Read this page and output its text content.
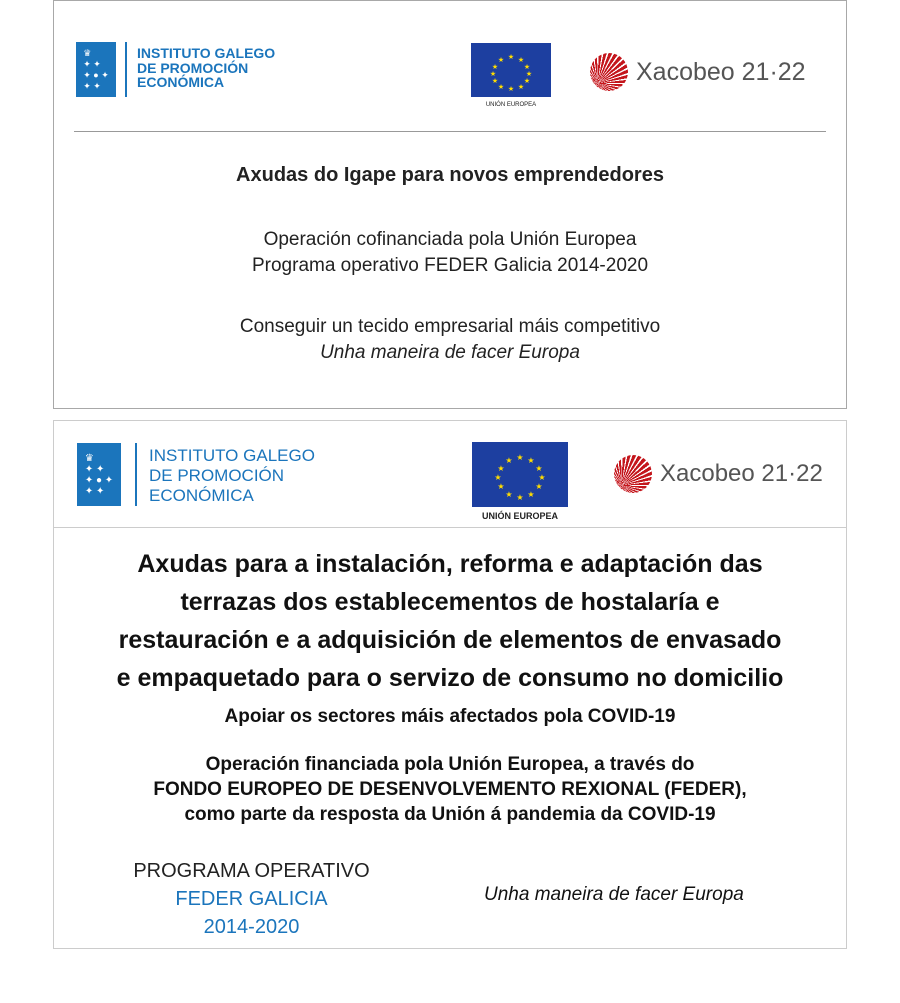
♛
✦ ✦
✦ ● ✦
✦ ✦
INSTITUTO GALEGO
DE PROMOCIÓN
ECONÓMICA
★ ★
★
★
★
★
★
★
★
★
★
★
UNIÓN EUROPEA
Xacobeo 21·22
Axudas do Igape para novos emprendedores
Operación cofinanciada pola Unión Europea
Programa operativo FEDER Galicia 2014-2020
Conseguir un tecido empresarial máis competitivo
Unha maneira de facer Europa
♛
✦ ✦
✦ ● ✦
✦ ✦
INSTITUTO GALEGO
DE PROMOCIÓN
ECONÓMICA
★ ★
★
★
★
★
★
★
★
★
★
★
UNIÓN EUROPEA
Xacobeo 21·22
Axudas para a instalación, reforma e adaptación das
terrazas dos establecementos de hostalaría e
restauración e a adquisición de elementos de envasado
e empaquetado para o servizo de consumo no domicilio
Apoiar os sectores máis afectados pola COVID-19
Operación financiada pola Unión Europea, a través do
FONDO EUROPEO DE DESENVOLVEMENTO REXIONAL (FEDER),
como parte da resposta da Unión á pandemia da COVID-19
PROGRAMA OPERATIVO
FEDER GALICIA
2014-2020
Unha maneira de facer Europa
